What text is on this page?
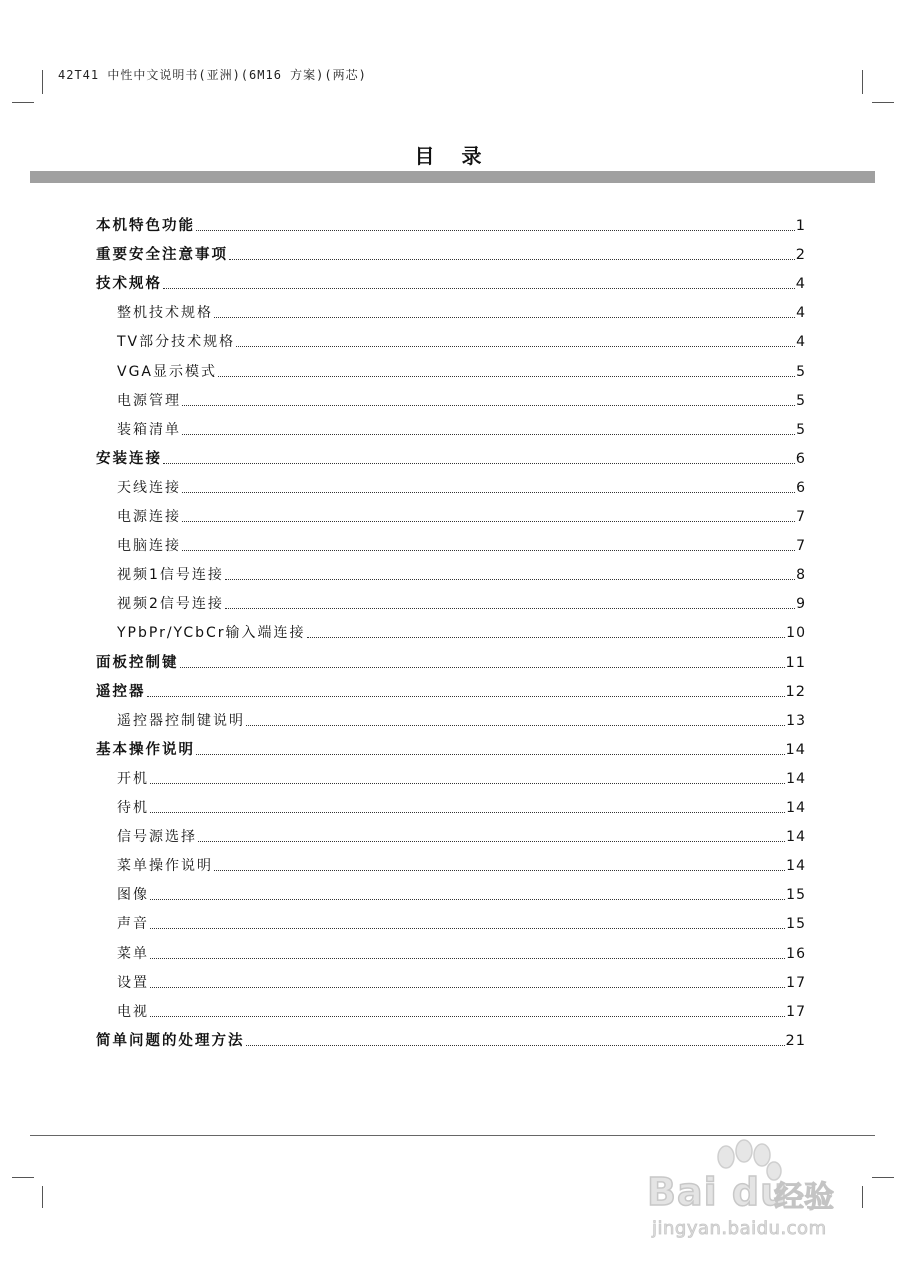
42T41 中性中文说明书(亚洲)(6M16 方案)(两芯)
目 录
本机特色功能	1
重要安全注意事项	2
技术规格	4
整机技术规格	4
TV部分技术规格	4
VGA显示模式	5
电源管理	5
装箱清单	5
安装连接	6
天线连接	6
电源连接	7
电脑连接	7
视频1信号连接	8
视频2信号连接	9
YPbPr/YCbCr输入端连接	10
面板控制键	11
遥控器	12
遥控器控制键说明	13
基本操作说明	14
开机	14
待机	14
信号源选择	14
菜单操作说明	14
图像	15
声音	15
菜单	16
设置	17
电视	17
简单问题的处理方法	21
Bai du
经验
jingyan.baidu.com
